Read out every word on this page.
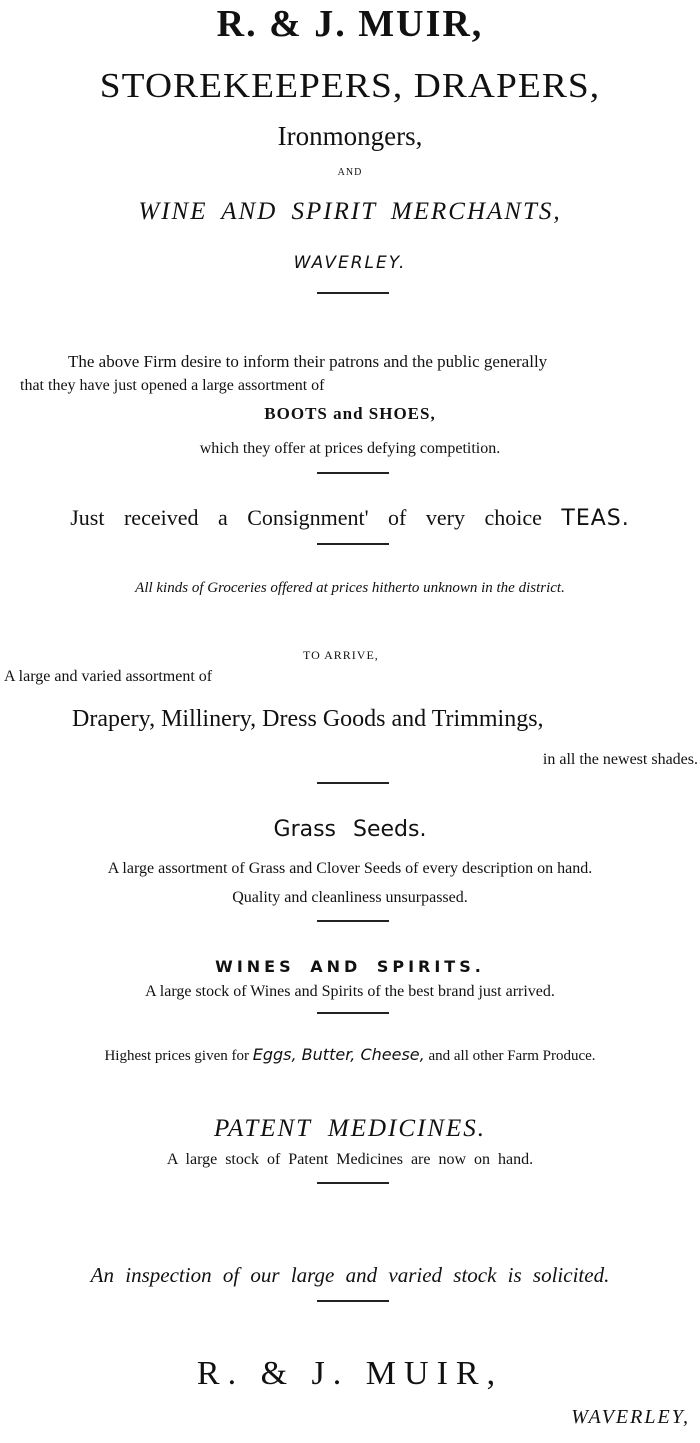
R. & J. MUIR,

STOREKEEPERS, DRAPERS,

Ironmongers,

AND

WINE AND SPIRIT MERCHANTS,

WAVERLEY.

The above Firm desire to inform their patrons and the public generally

that they have just opened a large assortment of

BOOTS and SHOES,

which they offer at prices defying competition.

Just received a Consignment' of very choice TEAS.

All kinds of Groceries offered at prices hitherto unknown in the district.

TO ARRIVE,

A large and varied assortment of

Drapery, Millinery, Dress Goods and Trimmings,

in all the newest shades.

Grass Seeds.

A large assortment of Grass and Clover Seeds of every description on hand.

Quality and cleanliness unsurpassed.

WINES AND SPIRITS.

A large stock of Wines and Spirits of the best brand just arrived.

Highest prices given for Eggs, Butter, Cheese, and all other Farm Produce.

PATENT MEDICINES.

A large stock of Patent Medicines are now on hand.

An inspection of our large and varied stock is solicited.

R. & J. MUIR,

WAVERLEY,
